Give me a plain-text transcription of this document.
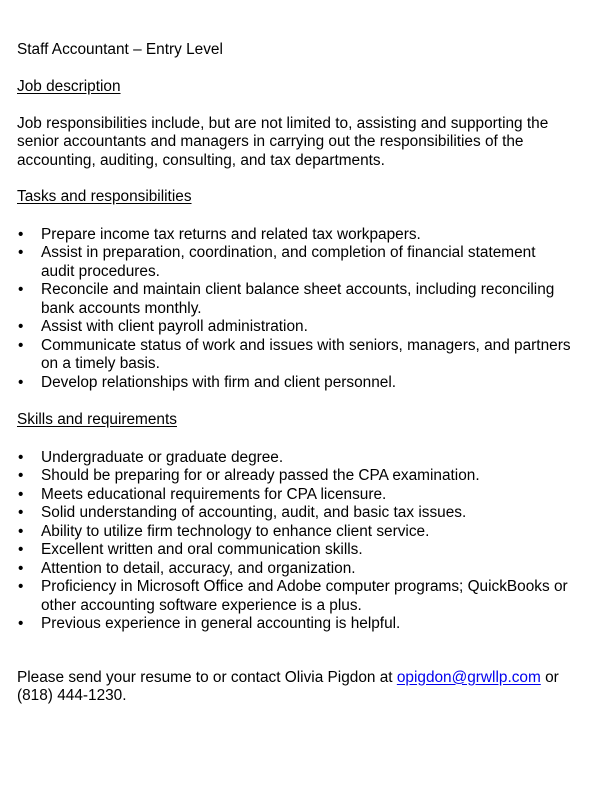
Staff Accountant – Entry Level

Job description

Job responsibilities include, but are not limited to, assisting and supporting the
senior accountants and managers in carrying out the responsibilities of the
accounting, auditing, consulting, and tax departments.

Tasks and responsibilities

•	Prepare income tax returns and related tax workpapers.
•	Assist in preparation, coordination, and completion of financial statement
audit procedures.
•	Reconcile and maintain client balance sheet accounts, including reconciling
bank accounts monthly.
•	Assist with client payroll administration.
•	Communicate status of work and issues with seniors, managers, and partners
on a timely basis.
•	Develop relationships with firm and client personnel.

Skills and requirements

•	Undergraduate or graduate degree.
•	Should be preparing for or already passed the CPA examination.
•	Meets educational requirements for CPA licensure.
•	Solid understanding of accounting, audit, and basic tax issues.
•	Ability to utilize firm technology to enhance client service.
•	Excellent written and oral communication skills.
•	Attention to detail, accuracy, and organization.
•	Proficiency in Microsoft Office and Adobe computer programs; QuickBooks or
other accounting software experience is a plus.
•	Previous experience in general accounting is helpful.
Please send your resume to or contact Olivia Pigdon at opigdon@grwllp.com or
(818) 444-1230.
